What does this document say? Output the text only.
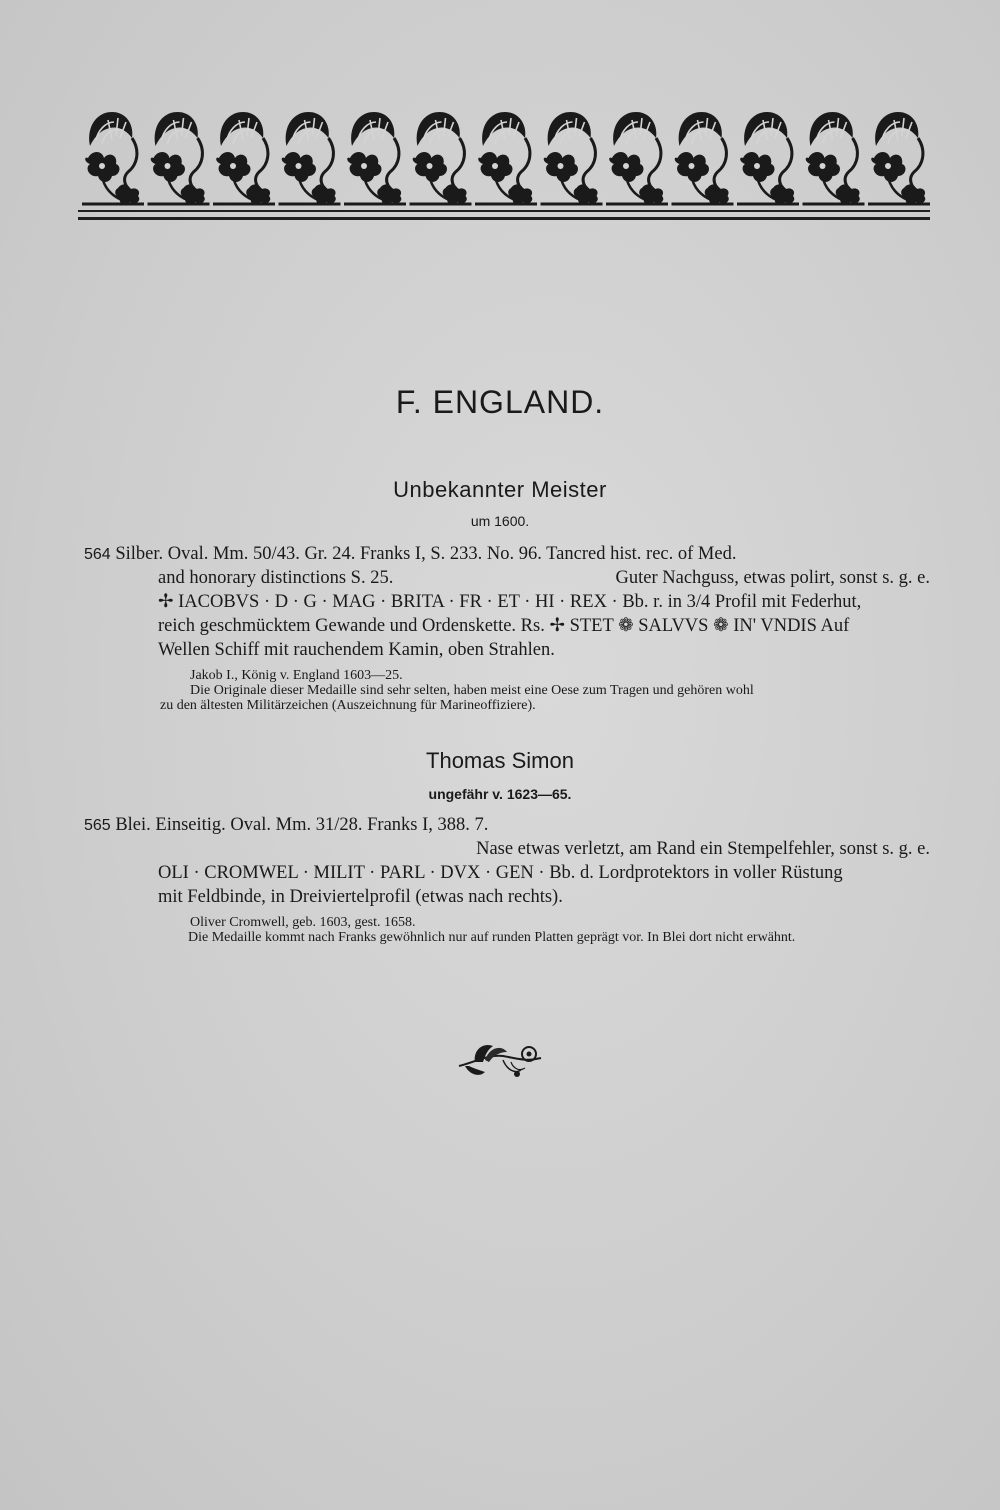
F. ENGLAND.
Unbekannter Meister
um 1600.
564 Silber. Oval. Mm. 50/43. Gr. 24. Franks I, S. 233. No. 96. Tancred hist. rec. of Med.
and honorary distinctions S. 25.	Guter Nachguss, etwas polirt, sonst s. g. e.
✢ IACOBVS · D · G · MAG · BRITA · FR · ET · HI · REX · Bb. r. in 3/4 Profil mit Federhut,
reich geschmücktem Gewande und Ordenskette. Rs. ✢ STET ❁ SALVVS ❁ IN' VNDIS Auf
Wellen Schiff mit rauchendem Kamin, oben Strahlen.
Jakob I., König v. England 1603—25.
Die Originale dieser Medaille sind sehr selten, haben meist eine Oese zum Tragen und gehören wohl
zu den ältesten Militärzeichen (Auszeichnung für Marineoffiziere).
Thomas Simon
ungefähr v. 1623—65.
565 Blei. Einseitig. Oval. Mm. 31/28. Franks I, 388. 7.
Nase etwas verletzt, am Rand ein Stempelfehler, sonst s. g. e.
OLI · CROMWEL · MILIT · PARL · DVX · GEN · Bb. d. Lordprotektors in voller Rüstung
mit Feldbinde, in Dreiviertelprofil (etwas nach rechts).
Oliver Cromwell, geb. 1603, gest. 1658.
Die Medaille kommt nach Franks gewöhnlich nur auf runden Platten geprägt vor. In Blei dort nicht erwähnt.
